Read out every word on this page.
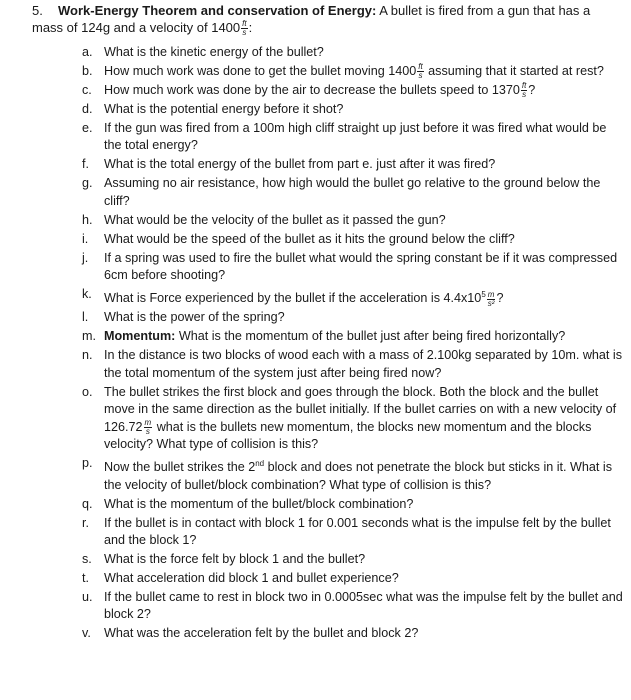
5. Work-Energy Theorem and conservation of Energy: A bullet is fired from a gun that has a mass of 124g and a velocity of $1400 \frac{ft}{s}$ :
a. What is the kinetic energy of the bullet?
b. How much work was done to get the bullet moving $1400 \frac{ft}{s}$ assuming that it started at rest?
c. How much work was done by the air to decrease the bullets speed to $1370 \frac{ft}{s}$ ?
d. What is the potential energy before it shot?
e. If the gun was fired from a 100m high cliff straight up just before it was fired what would be the total energy?
f.	What is the total energy of the bullet from part e. just after it was fired?
g. Assuming no air resistance, how high would the bullet go relative to the ground below the cliff?
h. What would be the velocity of the bullet as it passed the gun?
i.	What would be the speed of the bullet as it hits the ground below the cliff?
j.	If a spring was used to fire the bullet what would the spring constant be if it was compressed 6cm before shooting?
k. What is Force experienced by the bullet if the acceleration is $4.4x10^5 \frac{m}{\text{s²}}$ ?
l.	What is the power of the spring?
m. Momentum: What is the momentum of the bullet just after being fired horizontally?
n. In the distance is two blocks of wood each with a mass of 2.100kg separated by 10m. what is the total momentum of the system just after being fired now?
o. The bullet strikes the first block and goes through the block. Both the block and the bullet move in the same direction as the bullet initially. If the bullet carries on with a new velocity of $126.72 \frac{m}{s}$ what is the bullets new momentum, the blocks new momentum and the blocks velocity? What type of collision is this?
p. Now the bullet strikes the 2nd block and does not penetrate the block but sticks in it. What is the velocity of bullet/block combination? What type of collision is this?
q. What is the momentum of the bullet/block combination?
r.	If the bullet is in contact with block 1 for 0.001 seconds what is the impulse felt by the bullet and the block 1?
s. What is the force felt by block 1 and the bullet?
t.	What acceleration did block 1 and bullet experience?
u. If the bullet came to rest in block two in 0.0005sec what was the impulse felt by the bullet and block 2?
v.	What was the acceleration felt by the bullet and block 2?
